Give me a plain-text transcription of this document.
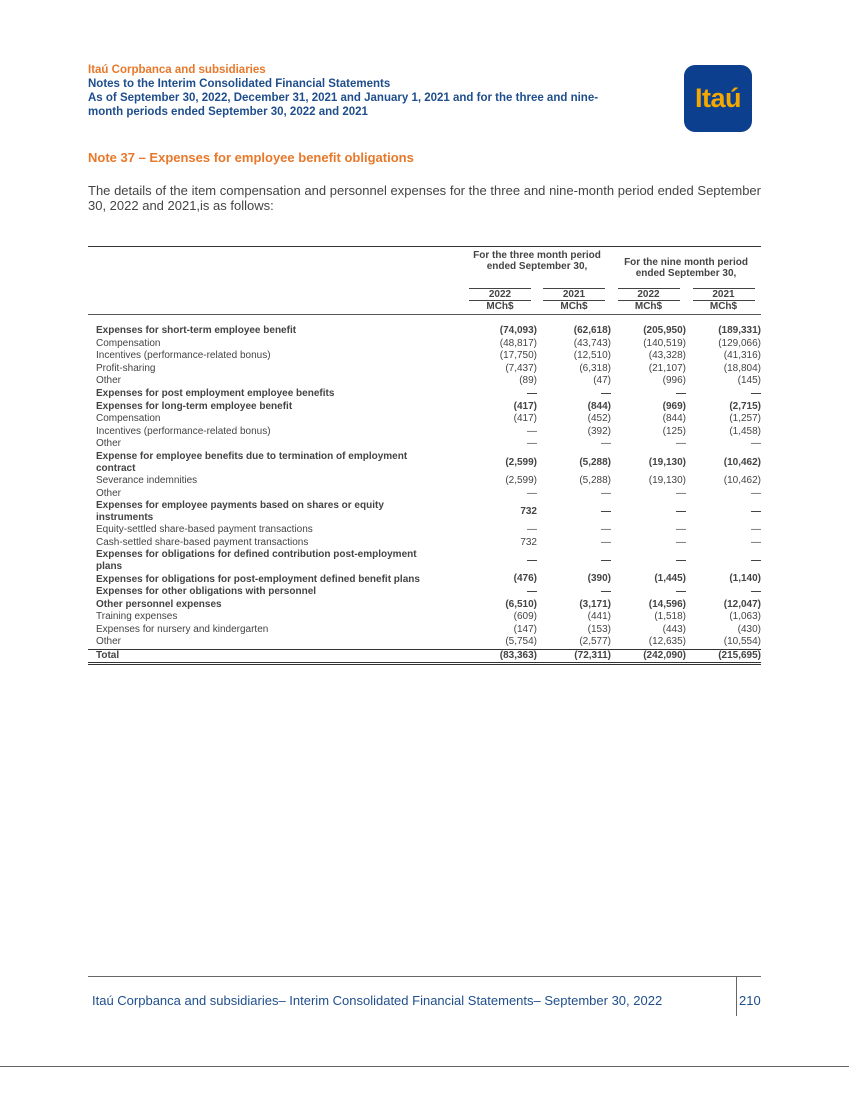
Itaú Corpbanca and subsidiaries
Notes to the Interim Consolidated Financial Statements
As of September 30, 2022, December 31, 2021 and January 1, 2021 and for the three and nine-
month periods ended September 30, 2022 and 2021	Itaú
Note 37 – Expenses for employee benefit obligations
The details of the item compensation and personnel expenses for the three and nine-month period ended September 30, 2022 and 2021,is as follows:
	For the three month period ended September 30,		For the nine month period ended September 30,	
	2022	2021	2022	2021
	MCh$	MCh$	MCh$	MCh$

Expenses for short-term employee benefit	(74,093)	(62,618)	(205,950)	(189,331)
Compensation	(48,817)	(43,743)	(140,519)	(129,066)
Incentives (performance-related bonus)	(17,750)	(12,510)	(43,328)	(41,316)
Profit-sharing	(7,437)	(6,318)	(21,107)	(18,804)
Other	(89)	(47)	(996)	(145)
Expenses for post employment employee benefits	—	—	—	—
Expenses for long-term employee benefit	(417)	(844)	(969)	(2,715)
Compensation	(417)	(452)	(844)	(1,257)
Incentives (performance-related bonus)	—	(392)	(125)	(1,458)
Other	—	—	—	—
Expense for employee benefits due to termination of employment contract	(2,599)	(5,288)	(19,130)	(10,462)
Severance indemnities	(2,599)	(5,288)	(19,130)	(10,462)
Other	—	—	—	—
Expenses for employee payments based on shares or equity instruments	732	—	—	—
Equity-settled share-based payment transactions	—	—	—	—
Cash-settled share-based payment transactions	732	—	—	—
Expenses for obligations for defined contribution post-employment plans	—	—	—	—
Expenses for obligations for post-employment defined benefit plans	(476)	(390)	(1,445)	(1,140)
Expenses for other obligations with personnel	—	—	—	—
Other personnel expenses	(6,510)	(3,171)	(14,596)	(12,047)
Training expenses	(609)	(441)	(1,518)	(1,063)
Expenses for nursery and kindergarten	(147)	(153)	(443)	(430)
Other	(5,754)	(2,577)	(12,635)	(10,554)
Total	(83,363)	(72,311)	(242,090)	(215,695)
Itaú Corpbanca and subsidiaries– Interim Consolidated Financial Statements– September 30, 2022	210
